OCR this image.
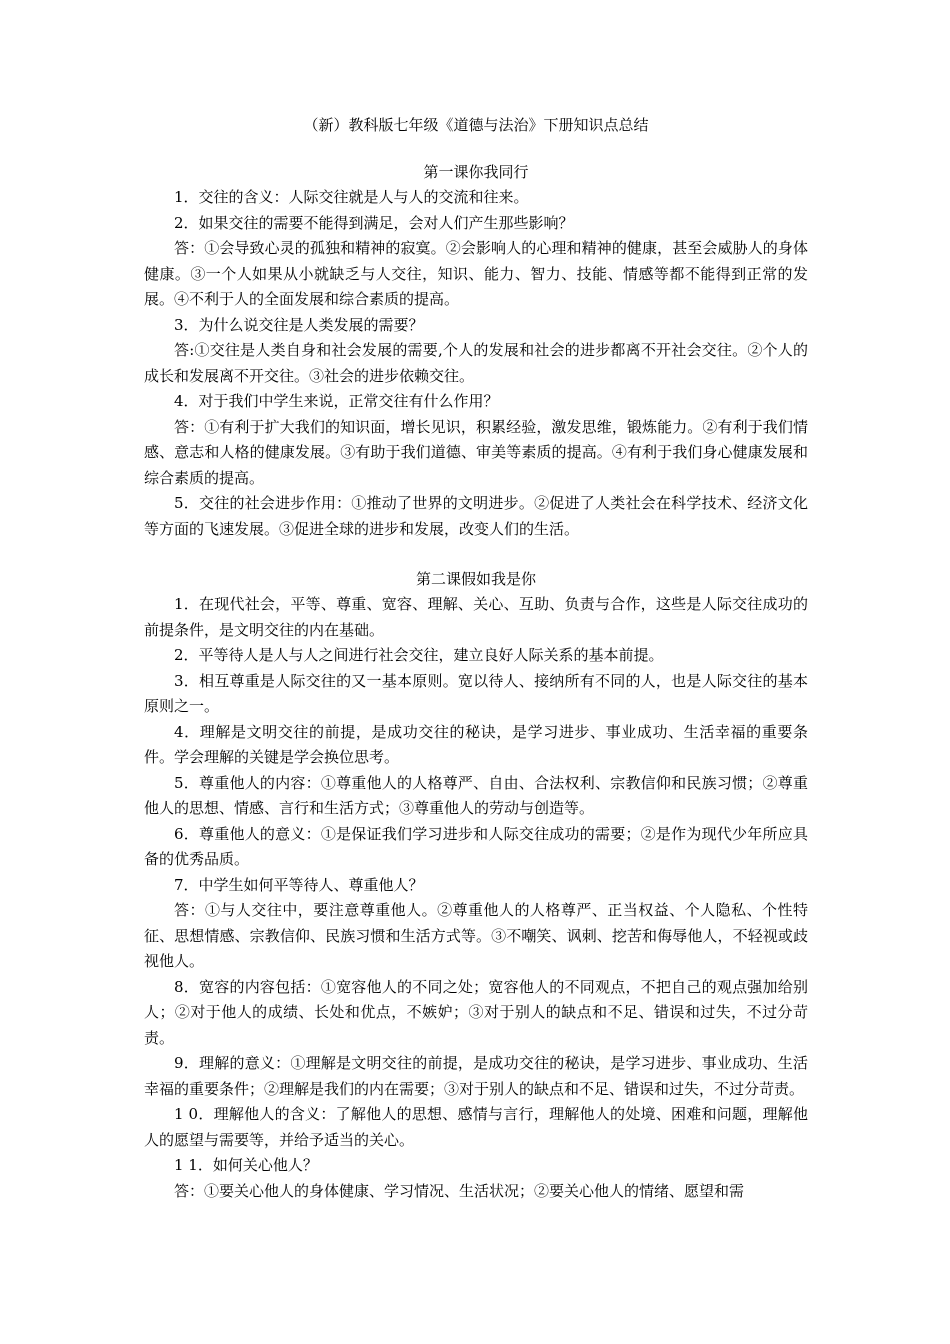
（新）教科版七年级《道德与法治》下册知识点总结
第一课你我同行

1．交往的含义：人际交往就是人与人的交流和往来。

2．如果交往的需要不能得到满足，会对人们产生那些影响？

答：①会导致心灵的孤独和精神的寂寞。②会影响人的心理和精神的健康，甚至会威胁人的身体健康。③一个人如果从小就缺乏与人交往，知识、能力、智力、技能、情感等都不能得到正常的发展。④不利于人的全面发展和综合素质的提高。

3．为什么说交往是人类发展的需要？

答:①交往是人类自身和社会发展的需要,个人的发展和社会的进步都离不开社会交往。②个人的成长和发展离不开交往。③社会的进步依赖交往。

4．对于我们中学生来说，正常交往有什么作用？

答：①有利于扩大我们的知识面，增长见识，积累经验，激发思维，锻炼能力。②有利于我们情感、意志和人格的健康发展。③有助于我们道德、审美等素质的提高。④有利于我们身心健康发展和综合素质的提高。

5．交往的社会进步作用：①推动了世界的文明进步。②促进了人类社会在科学技术、经济文化等方面的飞速发展。③促进全球的进步和发展，改变人们的生活。

第二课假如我是你

1．在现代社会，平等、尊重、宽容、理解、关心、互助、负责与合作，这些是人际交往成功的前提条件，是文明交往的内在基础。

2．平等待人是人与人之间进行社会交往，建立良好人际关系的基本前提。

3．相互尊重是人际交往的又一基本原则。宽以待人、接纳所有不同的人，也是人际交往的基本原则之一。

4．理解是文明交往的前提，是成功交往的秘诀，是学习进步、事业成功、生活幸福的重要条件。学会理解的关键是学会换位思考。

5．尊重他人的内容：①尊重他人的人格尊严、自由、合法权利、宗教信仰和民族习惯；②尊重他人的思想、情感、言行和生活方式；③尊重他人的劳动与创造等。

6．尊重他人的意义：①是保证我们学习进步和人际交往成功的需要；②是作为现代少年所应具备的优秀品质。

7．中学生如何平等待人、尊重他人？

答：①与人交往中，要注意尊重他人。②尊重他人的人格尊严、正当权益、个人隐私、个性特征、思想情感、宗教信仰、民族习惯和生活方式等。③不嘲笑、讽刺、挖苦和侮辱他人，不轻视或歧视他人。

8．宽容的内容包括：①宽容他人的不同之处；宽容他人的不同观点，不把自己的观点强加给别人；②对于他人的成绩、长处和优点，不嫉妒；③对于别人的缺点和不足、错误和过失，不过分苛责。

9．理解的意义：①理解是文明交往的前提，是成功交往的秘诀，是学习进步、事业成功、生活幸福的重要条件；②理解是我们的内在需要；③对于别人的缺点和不足、错误和过失，不过分苛责。

1 0．理解他人的含义：了解他人的思想、感情与言行，理解他人的处境、困难和问题，理解他人的愿望与需要等，并给予适当的关心。

1 1．如何关心他人？

答：①要关心他人的身体健康、学习情况、生活状况；②要关心他人的情绪、愿望和需
